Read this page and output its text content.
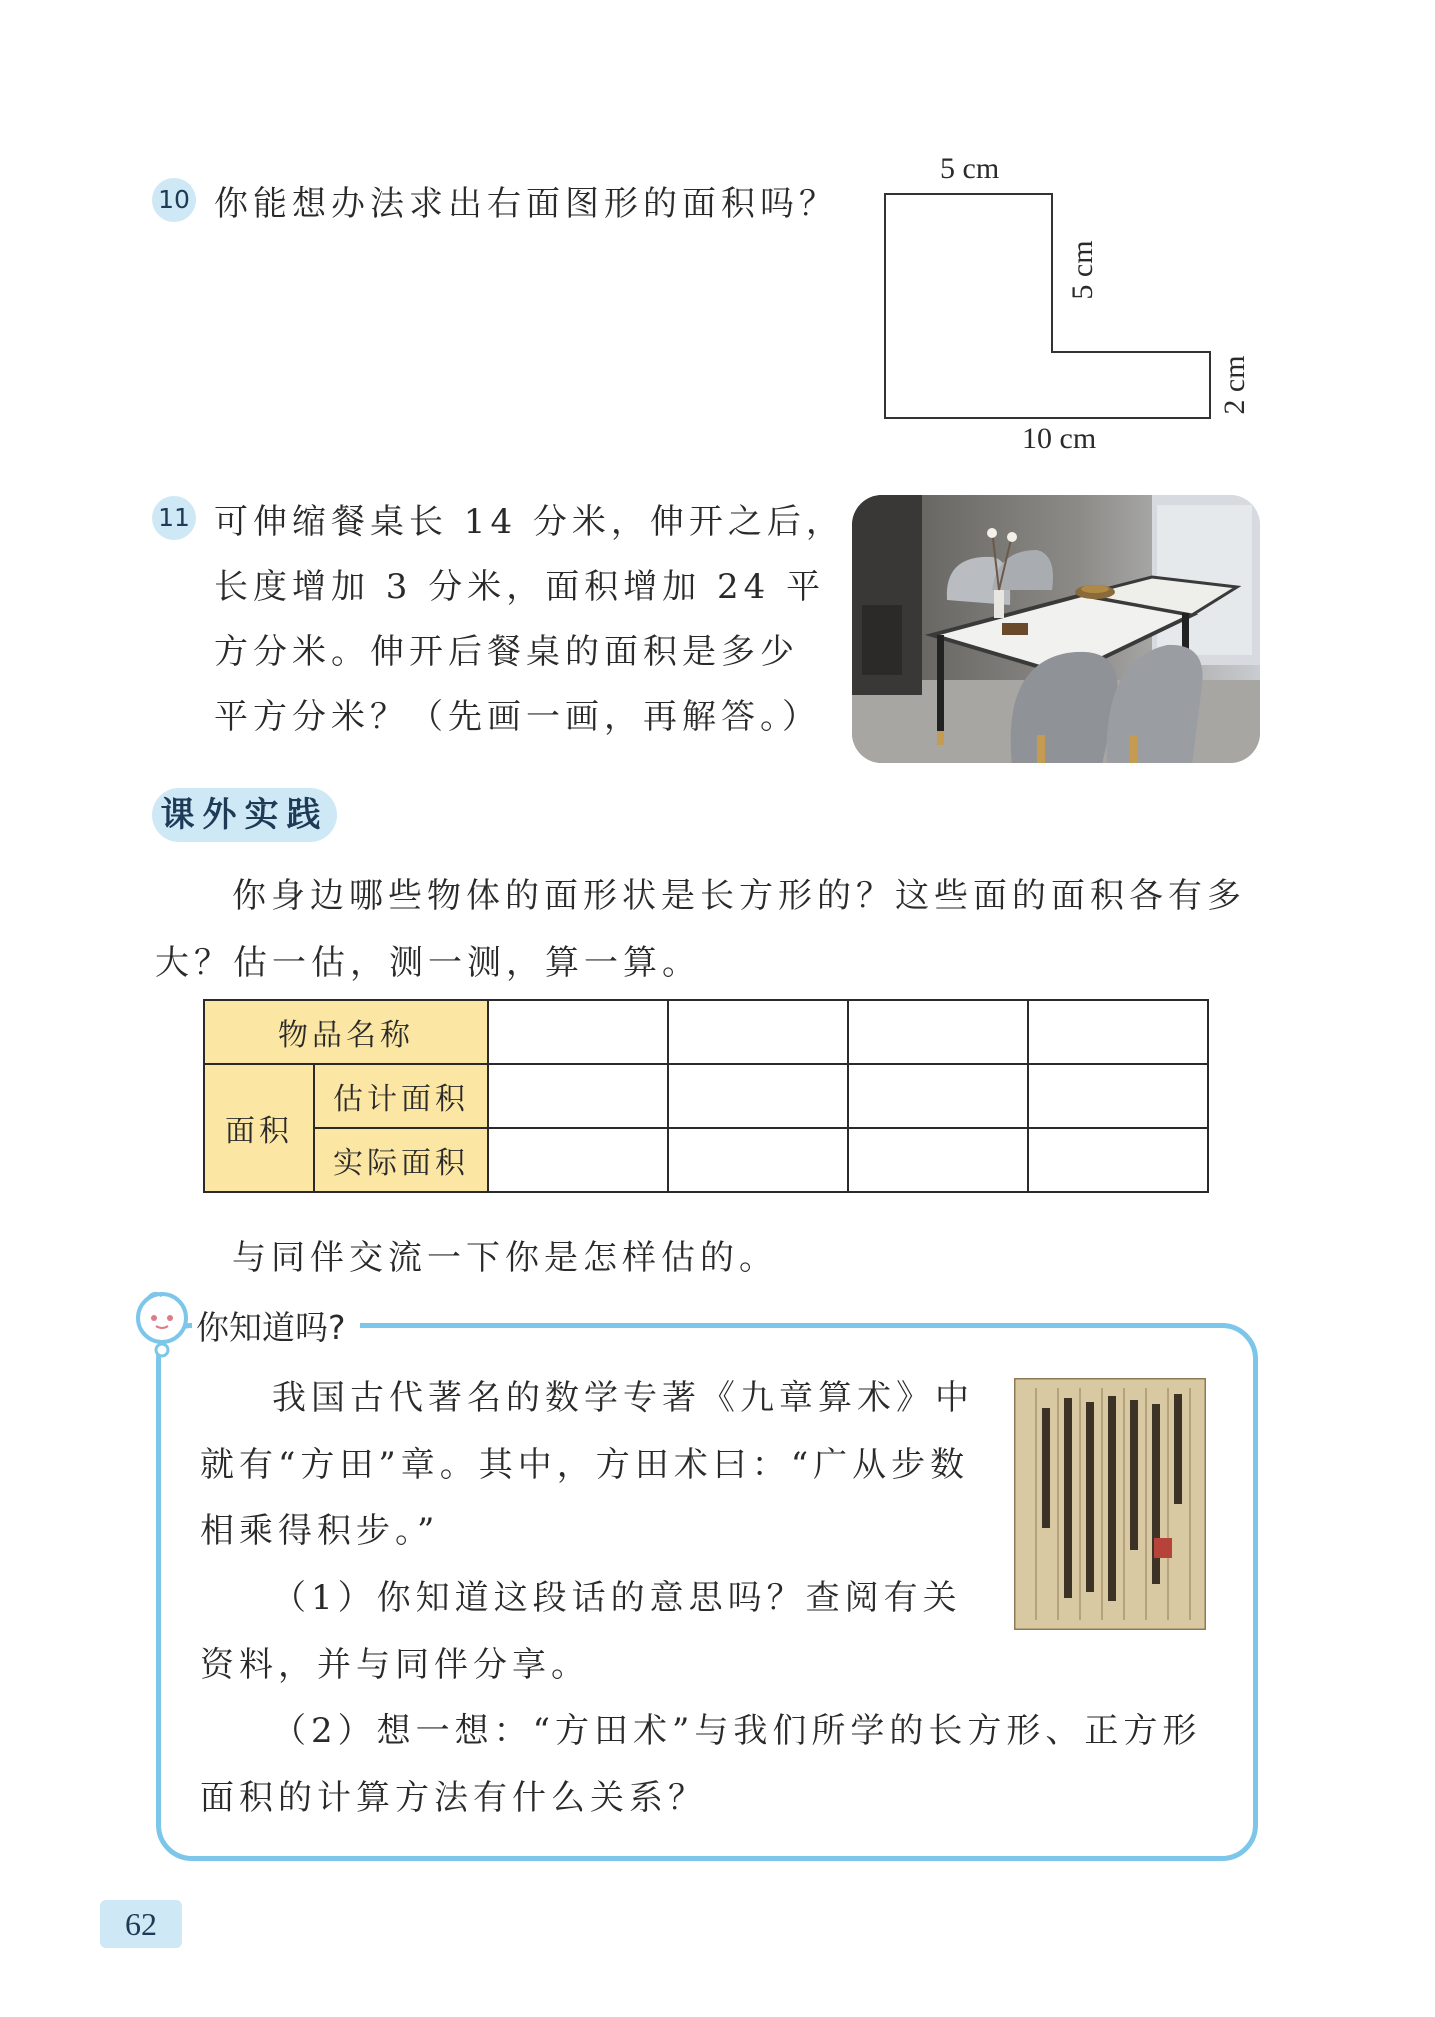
10 你能想办法求出右面图形的面积吗？
5 cm
5 cm
2 cm
10 cm
11 可伸缩餐桌长 14 分米，伸开之后，
长度增加 3 分米，面积增加 24 平
方分米。伸开后餐桌的面积是多少
平方分米？（先画一画，再解答。）
课外实践
你身边哪些物体的面形状是长方形的？这些面的面积各有多
大？估一估，测一测，算一算。
物品名称					
面积	估计面积				
	实际面积				
与同伴交流一下你是怎样估的。
你知道吗?
我国古代著名的数学专著《九章算术》中
就有“方田”章。其中，方田术曰：“广从步数
相乘得积步。”
（1）你知道这段话的意思吗？查阅有关
资料，并与同伴分享。
（2）想一想：“方田术”与我们所学的长方形、正方形
面积的计算方法有什么关系？
62
